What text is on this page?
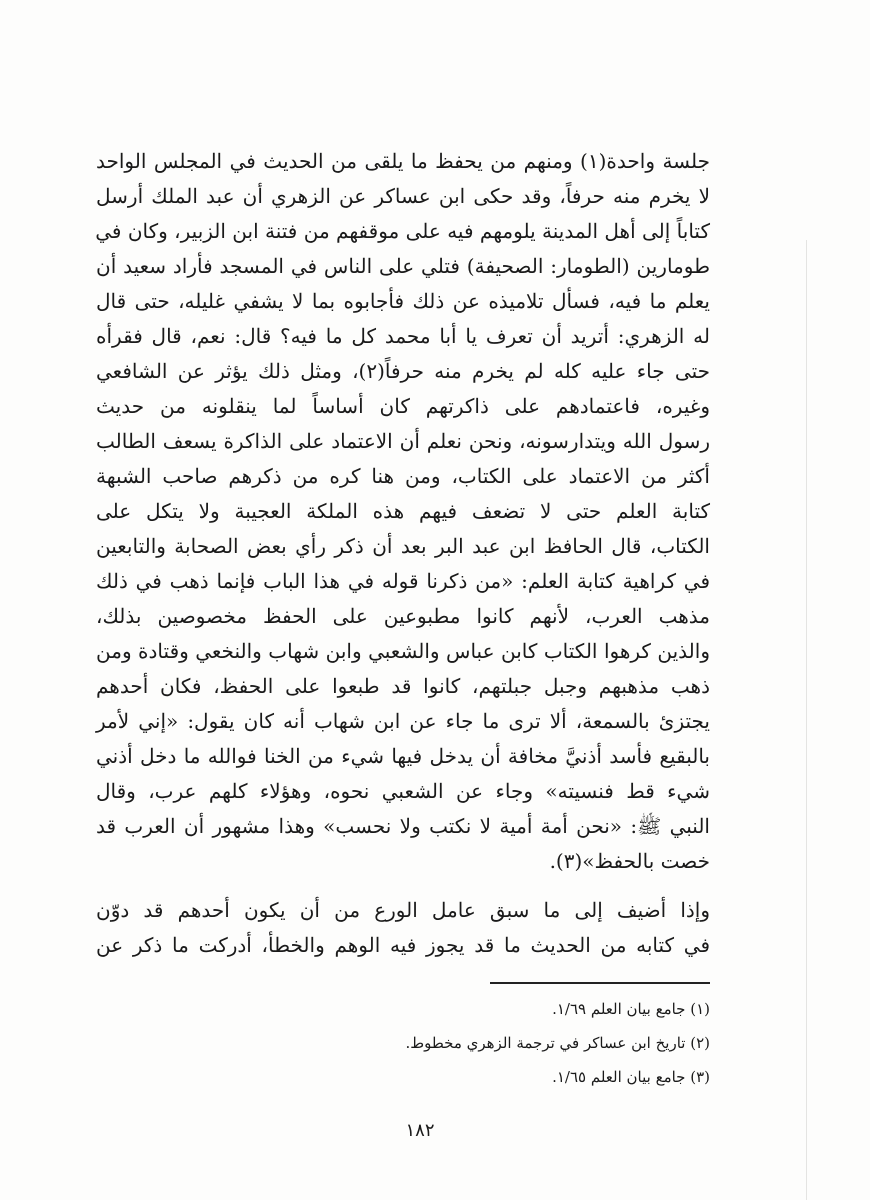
جلسة واحدة(١) ومنهم من يحفظ ما يلقى من الحديث في المجلس الواحد
لا يخرم منه حرفاً، وقد حكى ابن عساكر عن الزهري أن عبد الملك أرسل
كتاباً إلى أهل المدينة يلومهم فيه على موقفهم من فتنة ابن الزبير، وكان في
طومارين (الطومار: الصحيفة) فتلي على الناس في المسجد فأراد سعيد أن
يعلم ما فيه، فسأل تلاميذه عن ذلك فأجابوه بما لا يشفي غليله، حتى قال
له الزهري: أتريد أن تعرف يا أبا محمد كل ما فيه؟ قال: نعم، قال فقرأه
حتى جاء عليه كله لم يخرم منه حرفاً(٢)، ومثل ذلك يؤثر عن الشافعي
وغيره، فاعتمادهم على ذاكرتهم كان أساساً لما ينقلونه من حديث
رسول الله ويتدارسونه، ونحن نعلم أن الاعتماد على الذاكرة يسعف الطالب
أكثر من الاعتماد على الكتاب، ومن هنا كره من ذكرهم صاحب الشبهة
كتابة العلم حتى لا تضعف فيهم هذه الملكة العجيبة ولا يتكل على
الكتاب، قال الحافظ ابن عبد البر بعد أن ذكر رأي بعض الصحابة والتابعين
في كراهية كتابة العلم: «من ذكرنا قوله في هذا الباب فإنما ذهب في ذلك
مذهب العرب، لأنهم كانوا مطبوعين على الحفظ مخصوصين بذلك،
والذين كرهوا الكتاب كابن عباس والشعبي وابن شهاب والنخعي وقتادة ومن
ذهب مذهبهم وجبل جبلتهم، كانوا قد طبعوا على الحفظ، فكان أحدهم
يجتزئ بالسمعة، ألا ترى ما جاء عن ابن شهاب أنه كان يقول: «إني لأمر
بالبقيع فأسد أذنيَّ مخافة أن يدخل فيها شيء من الخنا فوالله ما دخل أذني
شيء قط فنسيته» وجاء عن الشعبي نحوه، وهؤلاء كلهم عرب، وقال
النبي ﷺ: «نحن أمة أمية لا نكتب ولا نحسب» وهذا مشهور أن العرب قد
خصت بالحفظ»(٣).
وإذا أضيف إلى ما سبق عامل الورع من أن يكون أحدهم قد دوّن
في كتابه من الحديث ما قد يجوز فيه الوهم والخطأ، أدركت ما ذكر عن
(١) جامع بيان العلم ١/٦٩.
(٢) تاريخ ابن عساكر في ترجمة الزهري مخطوط.
(٣) جامع بيان العلم ١/٦٥.
١٨٢
